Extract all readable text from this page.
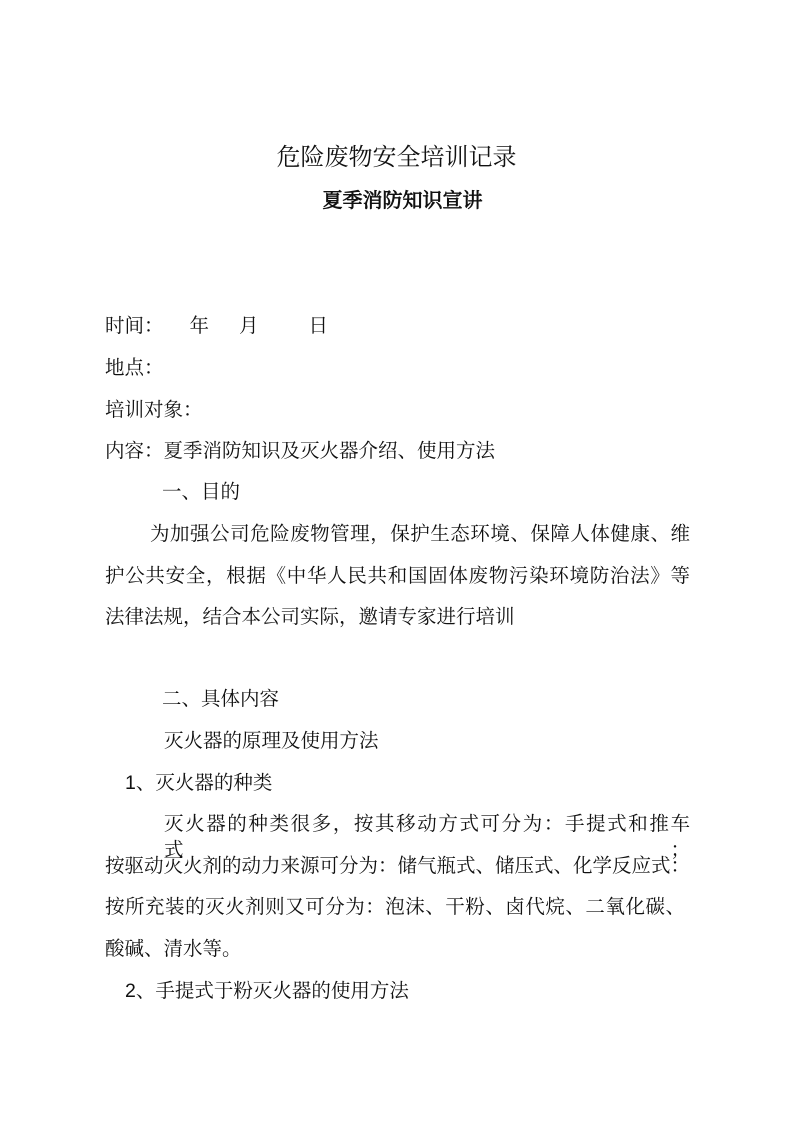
危险废物安全培训记录
夏季消防知识宣讲
时间： 年 月	日
地点：
培训对象：
内容：夏季消防知识及灭火器介绍、使用方法
一、目的
为加强公司危险废物管理，保护生态环境、保障人体健康、维
护公共安全，根据《中华人民共和国固体废物污染环境防治法》等
法律法规，结合本公司实际，邀请专家进行培训
二、具体内容
灭火器的原理及使用方法
1、灭火器的种类
灭火器的种类很多，按其移动方式可分为：手提式和推车式；
按驱动灭火剂的动力来源可分为：储气瓶式、储压式、化学反应式：
按所充装的灭火剂则又可分为：泡沫、干粉、卤代烷、二氧化碳、
酸碱、清水等。
2、手提式于粉灭火器的使用方法
